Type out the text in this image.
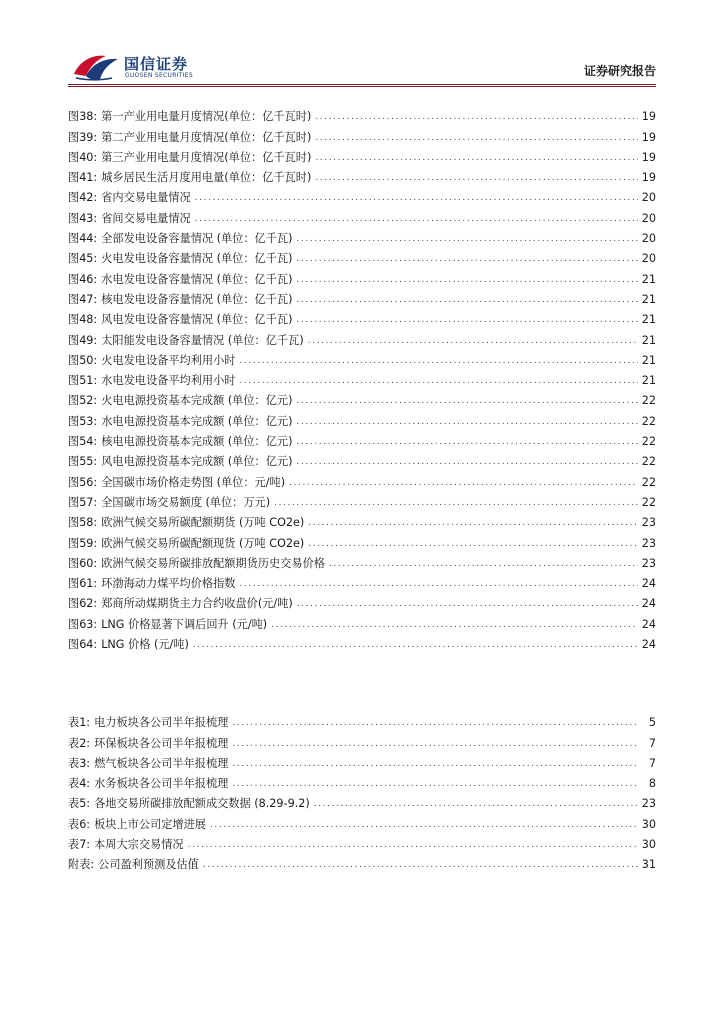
国信证券
GUOSEN SECURITIES	证券研究报告
图38: 第一产业用电量月度情况(单位：亿千瓦时) .....	19
图39: 第二产业用电量月度情况(单位：亿千瓦时) .....	19
图40: 第三产业用电量月度情况(单位：亿千瓦时) .....	19
图41: 城乡居民生活月度用电量(单位：亿千瓦时) .....	19
图42: 省内交易电量情况 .....	20
图43: 省间交易电量情况 .....	20
图44: 全部发电设备容量情况 (单位：亿千瓦) .....	20
图45: 火电发电设备容量情况 (单位：亿千瓦) .....	20
图46: 水电发电设备容量情况 (单位：亿千瓦) .....	21
图47: 核电发电设备容量情况 (单位：亿千瓦) .....	21
图48: 风电发电设备容量情况 (单位：亿千瓦) .....	21
图49: 太阳能发电设备容量情况 (单位：亿千瓦) .....	21
图50: 火电发电设备平均利用小时 .....	21
图51: 水电发电设备平均利用小时 .....	21
图52: 火电电源投资基本完成额 (单位：亿元) .....	22
图53: 水电电源投资基本完成额 (单位：亿元) .....	22
图54: 核电电源投资基本完成额 (单位：亿元) .....	22
图55: 风电电源投资基本完成额 (单位：亿元) .....	22
图56: 全国碳市场价格走势图 (单位：元/吨) .....	22
图57: 全国碳市场交易额度 (单位：万元) .....	22
图58: 欧洲气候交易所碳配额期货 (万吨 CO2e) .....	23
图59: 欧洲气候交易所碳配额现货 (万吨 CO2e) .....	23
图60: 欧洲气候交易所碳排放配额期货历史交易价格 .....	23
图61: 环渤海动力煤平均价格指数 .....	24
图62: 郑商所动煤期货主力合约收盘价(元/吨) .....	24
图63: LNG 价格显著下调后回升 (元/吨) .....	24
图64: LNG 价格 (元/吨) .....	24
表1: 电力板块各公司半年报梳理 .....	5
表2: 环保板块各公司半年报梳理 .....	7
表3: 燃气板块各公司半年报梳理 .....	7
表4: 水务板块各公司半年报梳理 .....	8
表5: 各地交易所碳排放配额成交数据 (8.29-9.2) .....	23
表6: 板块上市公司定增进展 .....	30
表7: 本周大宗交易情况 .....	30
附表: 公司盈利预测及估值 .....	31
